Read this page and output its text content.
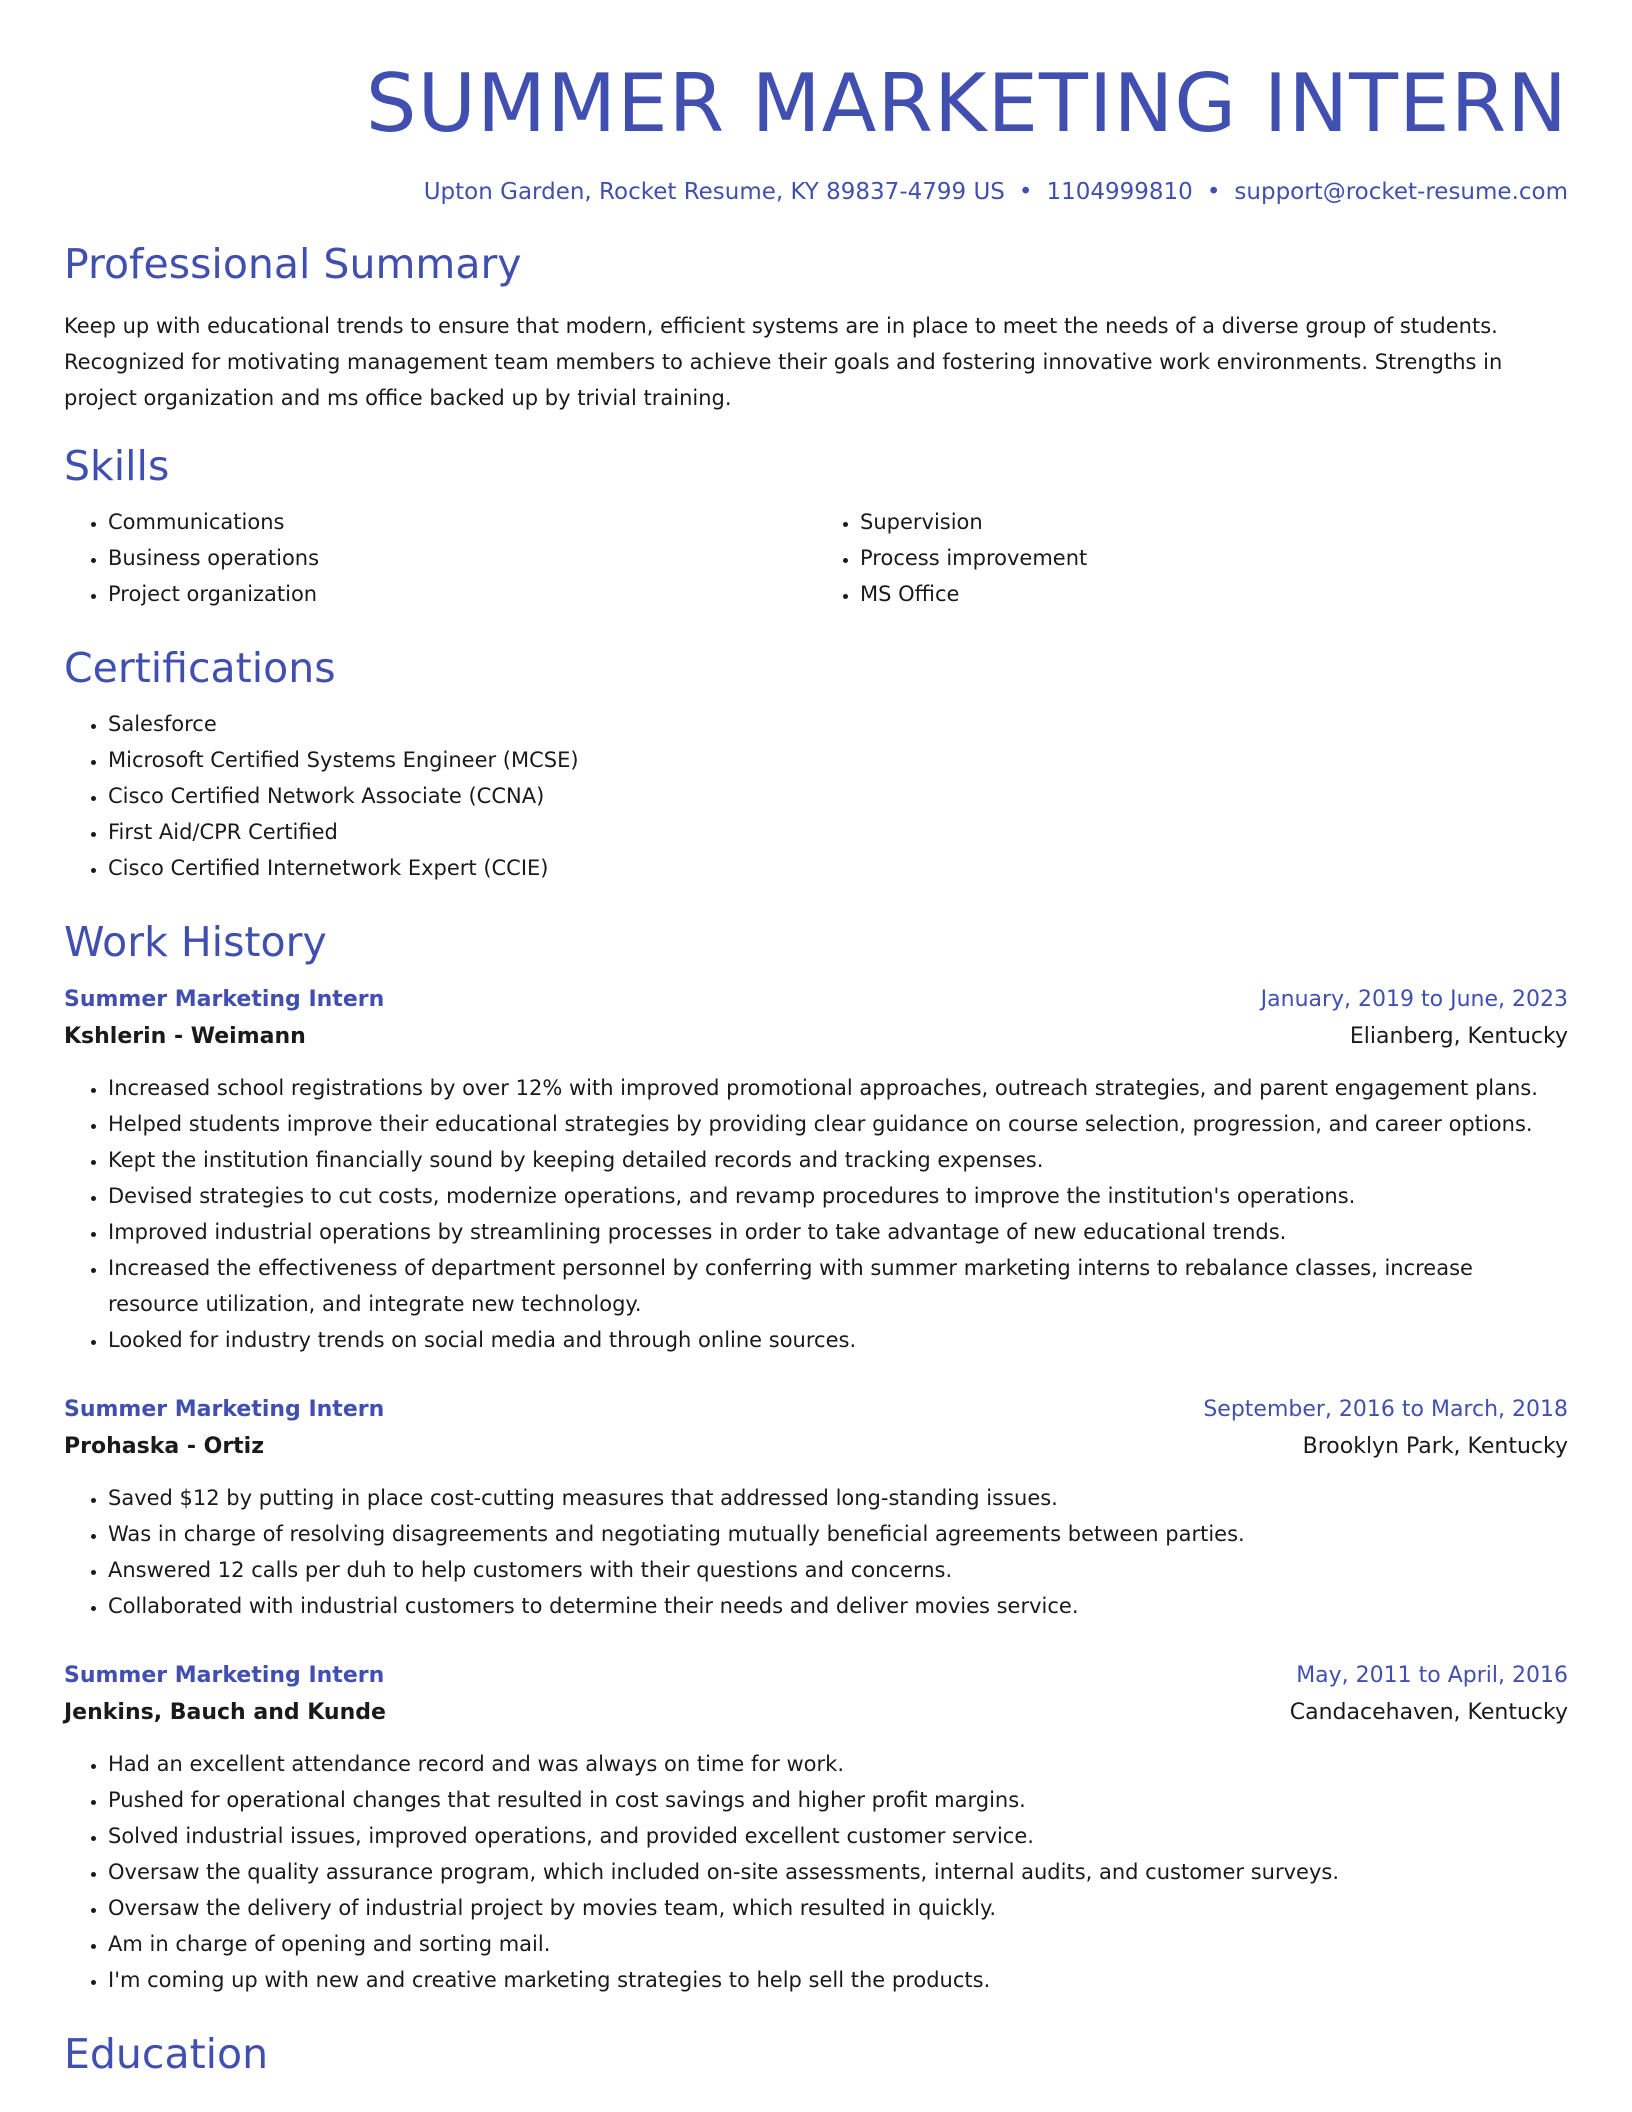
SUMMER MARKETING INTERN
Upton Garden, Rocket Resume, KY 89837-4799 US • 1104999810 • support@rocket-resume.com
Professional Summary

Keep up with educational trends to ensure that modern, efficient systems are in place to meet the needs of a diverse group of students. Recognized for motivating management team members to achieve their goals and fostering innovative work environments. Strengths in project organization and ms office backed up by trivial training.

Skills
• Communications
• Business operations
• Project organization
• Supervision
• Process improvement
• MS Office
Certifications
• Salesforce
• Microsoft Certified Systems Engineer (MCSE)
• Cisco Certified Network Associate (CCNA)
• First Aid/CPR Certified
• Cisco Certified Internetwork Expert (CCIE)
Work History
Summer Marketing Intern	January, 2019 to June, 2023
Kshlerin - Weimann	Elianberg, Kentucky
• Increased school registrations by over 12% with improved promotional approaches, outreach strategies, and parent engagement plans.
• Helped students improve their educational strategies by providing clear guidance on course selection, progression, and career options.
• Kept the institution financially sound by keeping detailed records and tracking expenses.
• Devised strategies to cut costs, modernize operations, and revamp procedures to improve the institution's operations.
• Improved industrial operations by streamlining processes in order to take advantage of new educational trends.
• Increased the effectiveness of department personnel by conferring with summer marketing interns to rebalance classes, increase resource utilization, and integrate new technology.
• Looked for industry trends on social media and through online sources.
Summer Marketing Intern	September, 2016 to March, 2018
Prohaska - Ortiz	Brooklyn Park, Kentucky
• Saved $12 by putting in place cost-cutting measures that addressed long-standing issues.
• Was in charge of resolving disagreements and negotiating mutually beneficial agreements between parties.
• Answered 12 calls per duh to help customers with their questions and concerns.
• Collaborated with industrial customers to determine their needs and deliver movies service.
Summer Marketing Intern	May, 2011 to April, 2016
Jenkins, Bauch and Kunde	Candacehaven, Kentucky
• Had an excellent attendance record and was always on time for work.
• Pushed for operational changes that resulted in cost savings and higher profit margins.
• Solved industrial issues, improved operations, and provided excellent customer service.
• Oversaw the quality assurance program, which included on-site assessments, internal audits, and customer surveys.
• Oversaw the delivery of industrial project by movies team, which resulted in quickly.
• Am in charge of opening and sorting mail.
• I'm coming up with new and creative marketing strategies to help sell the products.
Education
